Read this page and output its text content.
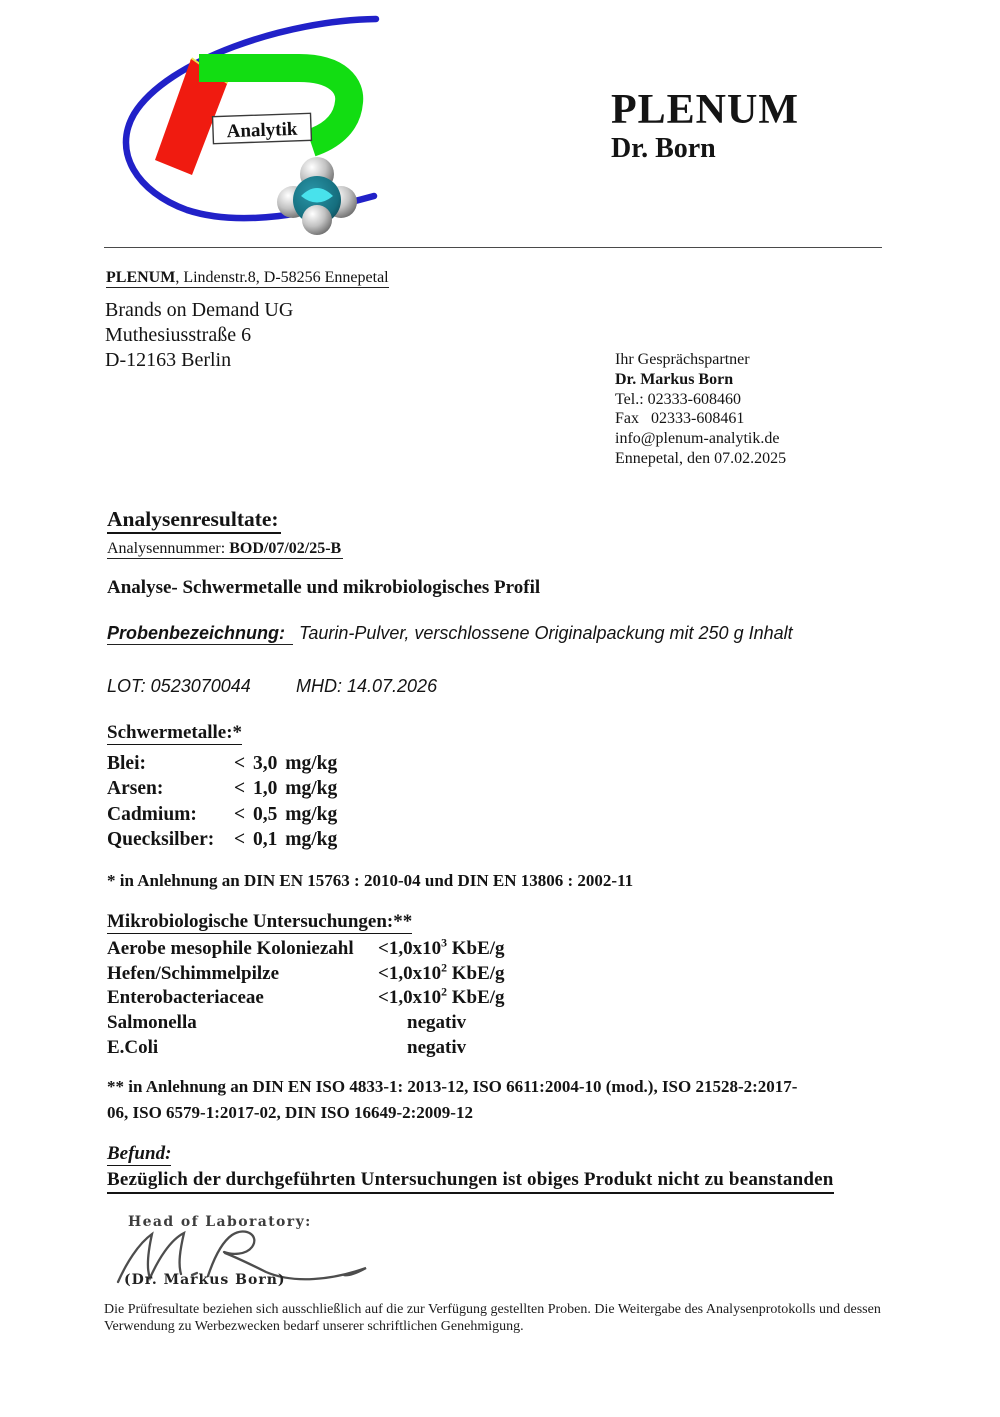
Analytik	PLENUM
Dr. Born
PLENUM, Lindenstr.8, D-58256 Ennepetal
Brands on Demand UG
Muthesiusstraße 6
D-12163 Berlin	Ihr Gesprächspartner
Dr. Markus Born
Tel.: 02333-608460
Fax   02333-608461
info@plenum-analytik.de
Ennepetal, den 07.02.2025
Analysenresultate:
Analysennummer: BOD/07/02/25-B
Analyse- Schwermetalle und mikrobiologisches Profil
Probenbezeichnung: Taurin-Pulver, verschlossene Originalpackung mit 250 g Inhalt
LOT: 0523070044	MHD: 14.07.2026
Schwermetalle:*
Blei:	< 3,0 mg/kg
Arsen:	< 1,0 mg/kg
Cadmium:	< 0,5 mg/kg
Quecksilber:	< 0,1 mg/kg
* in Anlehnung an DIN EN 15763 : 2010-04 und DIN EN 13806 : 2002-11
Mikrobiologische Untersuchungen:**
Aerobe mesophile Koloniezahl	$<1,0x10^3$ KbE/g
Hefen/Schimmelpilze	$<1,0x10^2$ KbE/g
Enterobacteriaceae	$<1,0x10^2$ KbE/g
Salmonella	negativ
E.Coli	negativ
** in Anlehnung an DIN EN ISO 4833-1: 2013-12, ISO 6611:2004-10 (mod.), ISO 21528-2:2017-
06, ISO 6579-1:2017-02, DIN ISO 16649-2:2009-12
Befund:
Bezüglich der durchgeführten Untersuchungen ist obiges Produkt nicht zu beanstanden
Head of Laboratory:
(Dr. Markus Born)
Die Prüfresultate beziehen sich ausschließlich auf die zur Verfügung gestellten Proben. Die Weitergabe des Analysenprotokolls und dessen
Verwendung zu Werbezwecken bedarf unserer schriftlichen Genehmigung.
